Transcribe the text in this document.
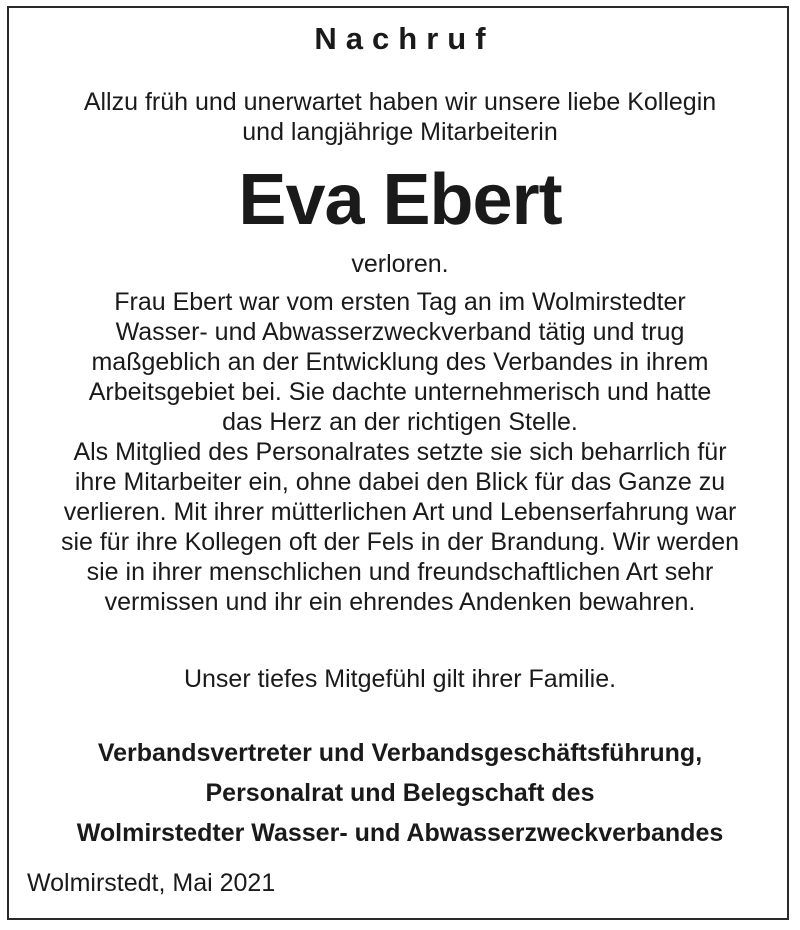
Nachruf
Allzu früh und unerwartet haben wir unsere liebe Kollegin
und langjährige Mitarbeiterin
Eva Ebert
verloren.
Frau Ebert war vom ersten Tag an im Wolmirstedter
Wasser- und Abwasserzweckverband tätig und trug
maßgeblich an der Entwicklung des Verbandes in ihrem
Arbeitsgebiet bei. Sie dachte unternehmerisch und hatte
das Herz an der richtigen Stelle.
Als Mitglied des Personalrates setzte sie sich beharrlich für
ihre Mitarbeiter ein, ohne dabei den Blick für das Ganze zu
verlieren. Mit ihrer mütterlichen Art und Lebenserfahrung war
sie für ihre Kollegen oft der Fels in der Brandung. Wir werden
sie in ihrer menschlichen und freundschaftlichen Art sehr
vermissen und ihr ein ehrendes Andenken bewahren.
Unser tiefes Mitgefühl gilt ihrer Familie.
Verbandsvertreter und Verbandsgeschäftsführung,
Personalrat und Belegschaft des
Wolmirstedter Wasser- und Abwasserzweckverbandes
Wolmirstedt, Mai 2021
